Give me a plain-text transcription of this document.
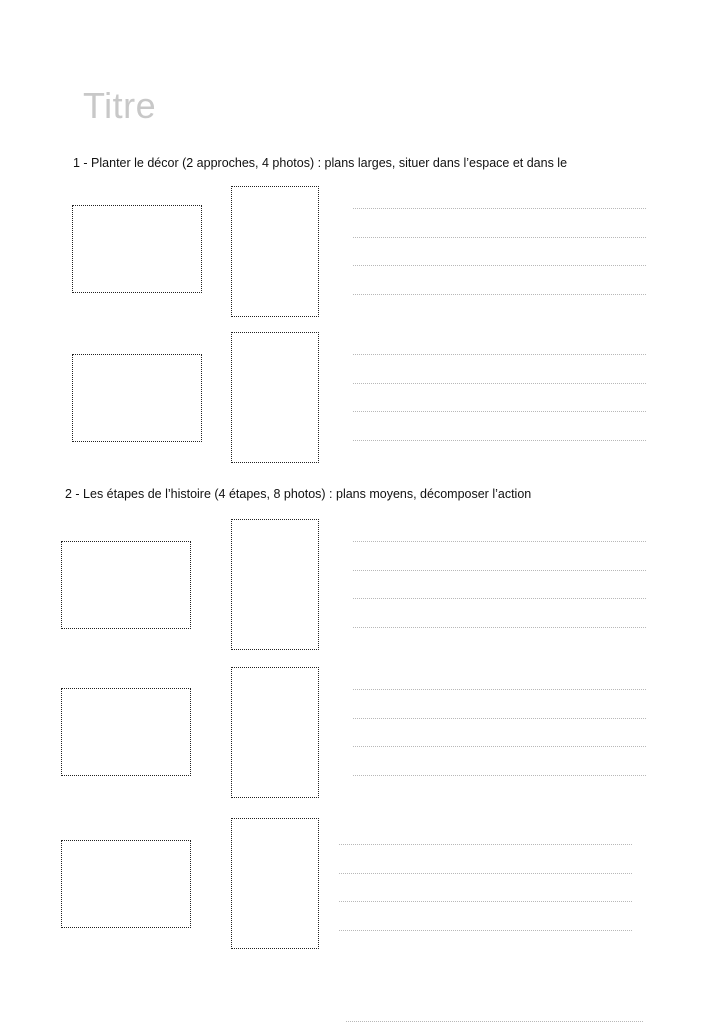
Titre
1 - Planter le décor (2 approches, 4 photos) : plans larges, situer dans l’espace et dans le
2 - Les étapes de l’histoire (4 étapes, 8 photos) : plans moyens, décomposer l’action
